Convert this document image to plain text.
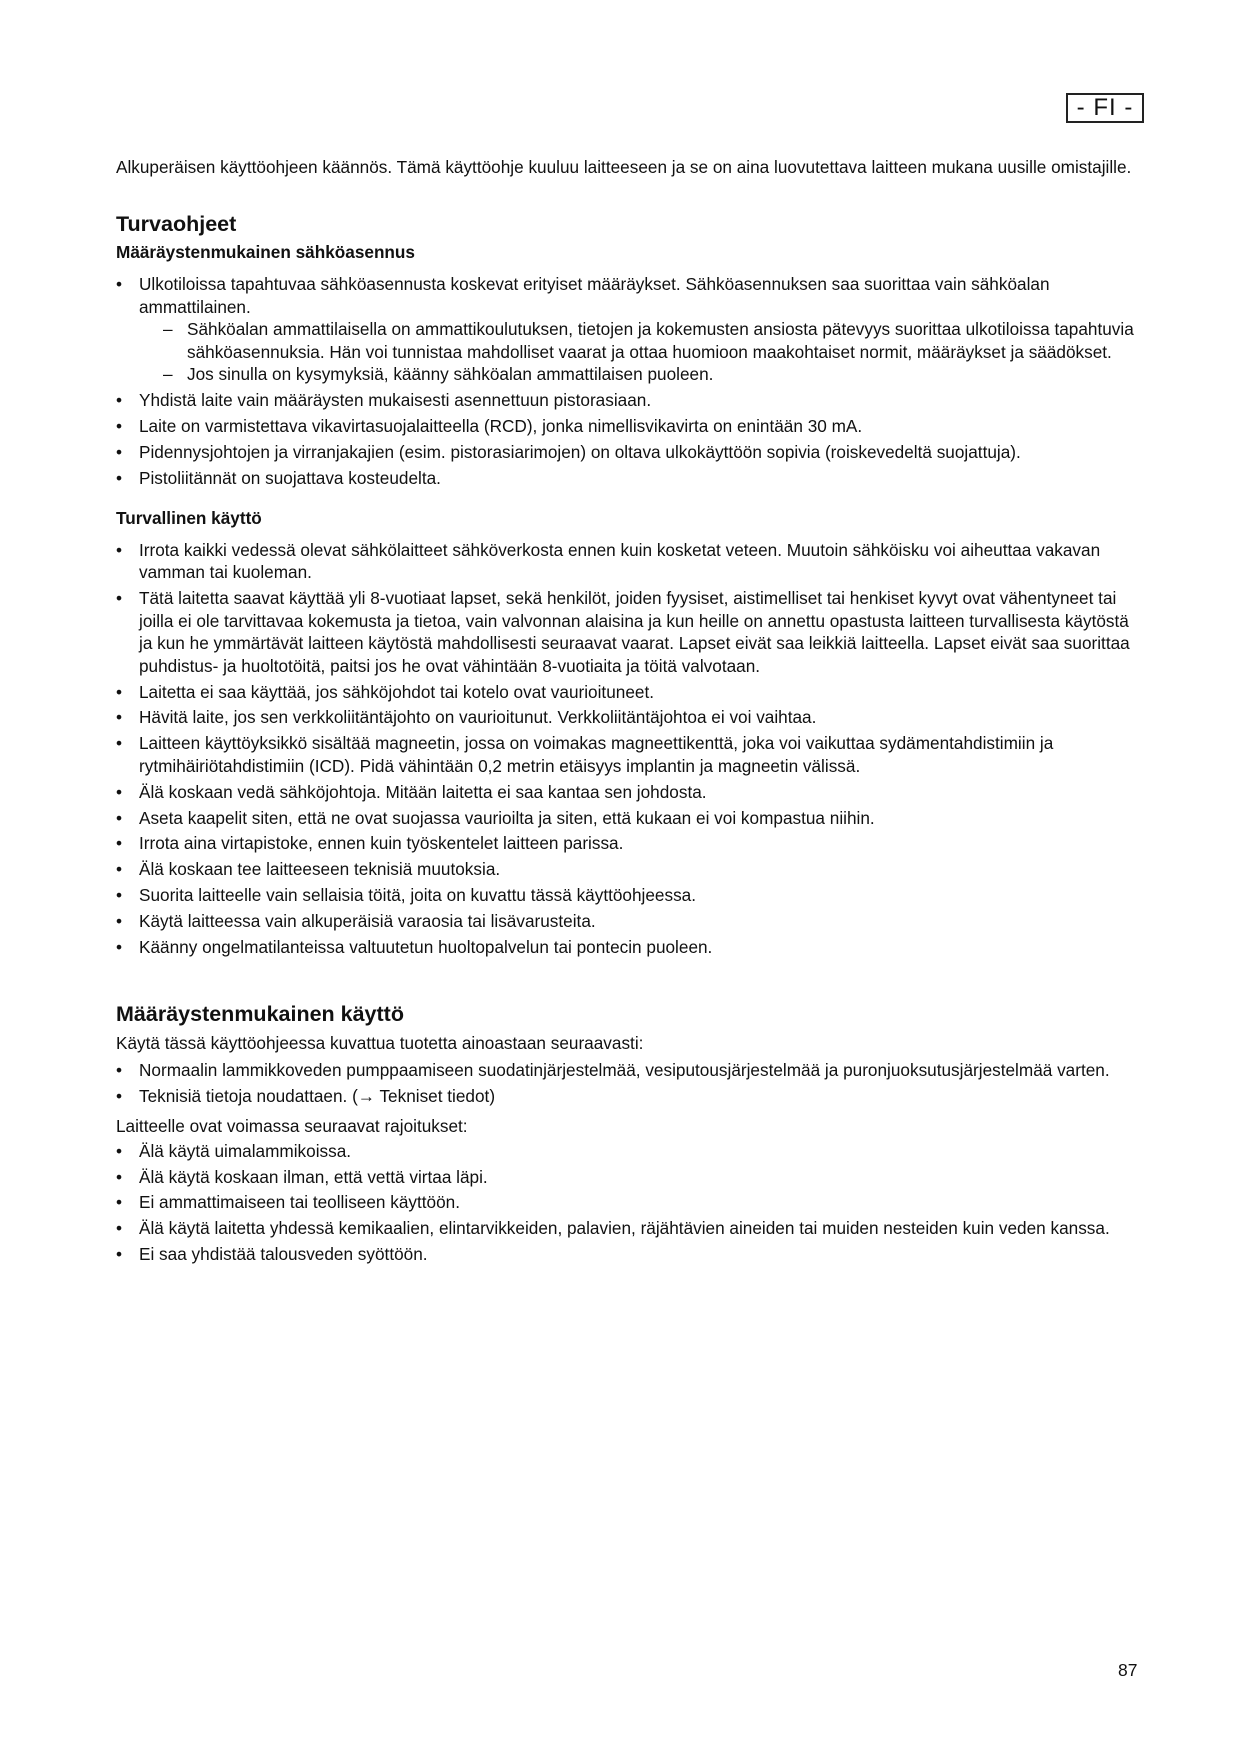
- FI -

Alkuperäisen käyttöohjeen käännös. Tämä käyttöohje kuuluu laitteeseen ja se on aina luovutettava laitteen mukana uusille omistajille.

Turvaohjeet
Määräystenmukainen sähköasennus
• Ulkotiloissa tapahtuvaa sähköasennusta koskevat erityiset määräykset. Sähköasennuksen saa suorittaa vain sähköalan ammattilainen.
– Sähköalan ammattilaisella on ammattikoulutuksen, tietojen ja kokemusten ansiosta pätevyys suorittaa ulkotiloissa tapahtuvia sähköasennuksia. Hän voi tunnistaa mahdolliset vaarat ja ottaa huomioon maakohtaiset normit, määräykset ja säädökset.
– Jos sinulla on kysymyksiä, käänny sähköalan ammattilaisen puoleen.
• Yhdistä laite vain määräysten mukaisesti asennettuun pistorasiaan.
• Laite on varmistettava vikavirtasuojalaitteella (RCD), jonka nimellisvikavirta on enintään 30 mA.
• Pidennysjohtojen ja virranjakajien (esim. pistorasiarimojen) on oltava ulkokäyttöön sopivia (roiskevedeltä suojattuja).
• Pistoliitännät on suojattava kosteudelta.
Turvallinen käyttö
• Irrota kaikki vedessä olevat sähkölaitteet sähköverkosta ennen kuin kosketat veteen. Muutoin sähköisku voi aiheuttaa vakavan vamman tai kuoleman.
• Tätä laitetta saavat käyttää yli 8-vuotiaat lapset, sekä henkilöt, joiden fyysiset, aistimelliset tai henkiset kyvyt ovat vähentyneet tai joilla ei ole tarvittavaa kokemusta ja tietoa, vain valvonnan alaisina ja kun heille on annettu opastusta laitteen turvallisesta käytöstä ja kun he ymmärtävät laitteen käytöstä mahdollisesti seuraavat vaarat. Lapset eivät saa leikkiä laitteella. Lapset eivät saa suorittaa puhdistus- ja huoltotöitä, paitsi jos he ovat vähintään 8-vuotiaita ja töitä valvotaan.
• Laitetta ei saa käyttää, jos sähköjohdot tai kotelo ovat vaurioituneet.
• Hävitä laite, jos sen verkkoliitäntäjohto on vaurioitunut. Verkkoliitäntäjohtoa ei voi vaihtaa.
• Laitteen käyttöyksikkö sisältää magneetin, jossa on voimakas magneettikenttä, joka voi vaikuttaa sydämentahdistimiin ja rytmihäiriötahdistimiin (ICD). Pidä vähintään 0,2 metrin etäisyys implantin ja magneetin välissä.
• Älä koskaan vedä sähköjohtoja. Mitään laitetta ei saa kantaa sen johdosta.
• Aseta kaapelit siten, että ne ovat suojassa vaurioilta ja siten, että kukaan ei voi kompastua niihin.
• Irrota aina virtapistoke, ennen kuin työskentelet laitteen parissa.
• Älä koskaan tee laitteeseen teknisiä muutoksia.
• Suorita laitteelle vain sellaisia töitä, joita on kuvattu tässä käyttöohjeessa.
• Käytä laitteessa vain alkuperäisiä varaosia tai lisävarusteita.
• Käänny ongelmatilanteissa valtuutetun huoltopalvelun tai pontecin puoleen.
Määräystenmukainen käyttö

Käytä tässä käyttöohjeessa kuvattua tuotetta ainoastaan seuraavasti:

• Normaalin lammikkoveden pumppaamiseen suodatinjärjestelmää, vesiputousjärjestelmää ja puronjuoksutusjärjestelmää varten.
• Teknisiä tietoja noudattaen. (→ Tekniset tiedot)

Laitteelle ovat voimassa seuraavat rajoitukset:

• Älä käytä uimalammikoissa.
• Älä käytä koskaan ilman, että vettä virtaa läpi.
• Ei ammattimaiseen tai teolliseen käyttöön.
• Älä käytä laitetta yhdessä kemikaalien, elintarvikkeiden, palavien, räjähtävien aineiden tai muiden nesteiden kuin veden kanssa.
• Ei saa yhdistää talousveden syöttöön.
87
